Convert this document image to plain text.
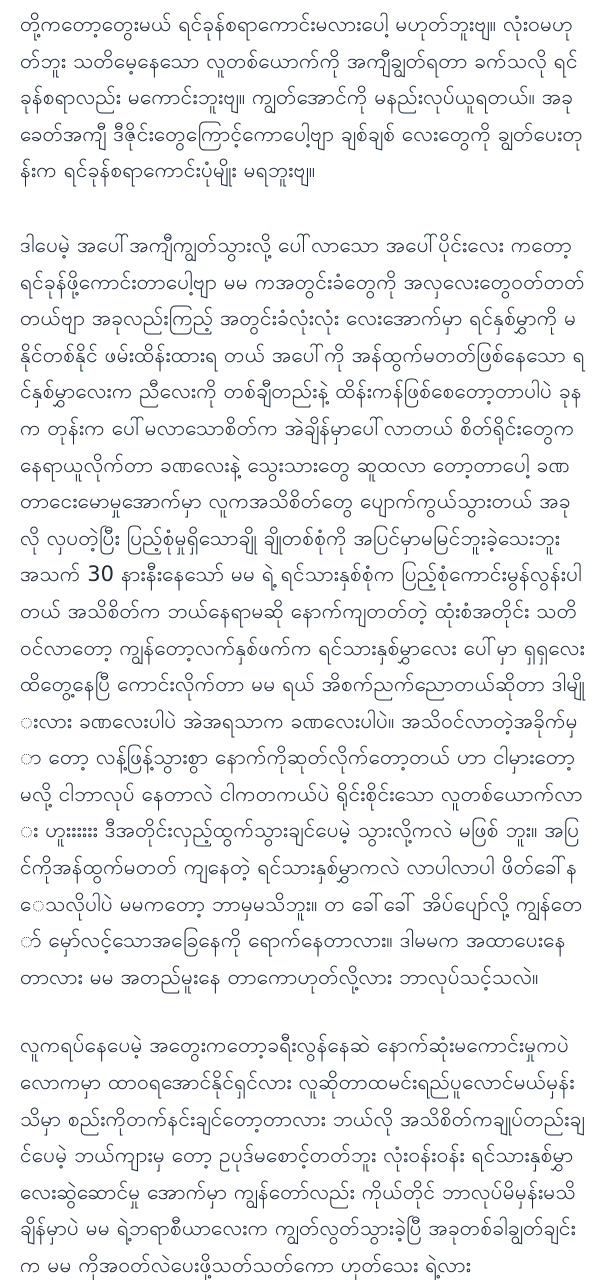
တို့ကတော့တွေးမယ် ရင်ခုန်စရာကောင်းမလားပေါ့ မဟုတ်ဘူးဗျ။ လုံးဝမဟုတ်ဘူး သတိမေ့နေသော လူတစ်ယောက်ကို အကျီချွတ်ရတာ ခက်သလို ရင်ခုန်စရာလည်း မကောင်းဘူးဗျ။ ကျွတ်အောင်ကို မနည်းလုပ်ယူရတယ်။ အခုခေတ်အကျီ ဒီဇိုင်းတွေကြောင့်ကောပေါ့ဗျာ ချစ်ချစ် လေးတွေကို ချွတ်ပေးတုန်းက ရင်ခုန်စရာကောင်းပုံမျိုး မရဘူးဗျ။

ဒါပေမဲ့ အပေါ်အကျီကျွတ်သွားလို့ ပေါ်လာသော အပေါ်ပိုင်းလေး ကတော့ ရင်ခုန်ဖို့ကောင်းတာပေါ့ဗျာ မမ ကအတွင်းခံတွေကို အလှလေးတွေဝတ်တတ်တယ်ဗျာ အခုလည်းကြည့် အတွင်းခံလုံးလုံး လေးအောက်မှာ ရင်နှစ်မွှာကို မနိုင်တစ်နိုင် ဖမ်းထိန်းထားရ တယ် အပေါ်ကို အန်ထွက်မတတ်ဖြစ်နေသော ရင်နှစ်မွှာလေးက ညီလေးကို တစ်ချီတည်းနဲ့ ထိန်းကန်ဖြစ်စေတော့တာပါပဲ ခုနက တုန်းက ပေါ်မလာသောစိတ်က အဲချိန်မှာပေါ်လာတယ် စိတ်ရိုင်းတွေက နေရာယူလိုက်တာ ခဏလေးနဲ့ သွေးသားတွေ ဆူထလာ တော့တာပေါ့ ခဏတာငေးမောမှုအောက်မှာ လူကအသိစိတ်တွေ ပျောက်ကွယ်သွားတယ် အခုလို လှပတဲ့ပြီး ပြည့်စုံမှုရှိသောချို ချိုတစ်စုံကို အပြင်မှာမမြင်ဘူးခဲ့သေးဘူး အသက် 30 နားနီးနေသော် မမ ရဲ့ ရင်သားနှစ်စုံက ပြည့်စုံကောင်းမွန်လွန်းပါတယ် အသိစိတ်က ဘယ်နေရာမဆို နောက်ကျတတ်တဲ့ ထုံးစံအတိုင်း သတိဝင်လာတော့ ကျွန်တော့လက်နှစ်ဖက်က ရင်သားနှစ်မွှာလေး ပေါ်မှာ ရှရှလေးထိတွေ့နေပြီ ကောင်းလိုက်တာ မမ ရယ် အိစက်ညက်ညောတယ်ဆိုတာ ဒါမျိုးလား ခဏလေးပါပဲ အဲအရသာက ခဏလေးပါပဲ။ အသိဝင်လာတဲ့အခိုက်မှာ တော့ လန့်ဖြန့်သွားစွာ နောက်ကိုဆုတ်လိုက်တော့တယ် ဟာ ငါမှားတော့မလို့ ငါဘာလုပ် နေတာလဲ ငါကတကယ်ပဲ ရိုင်းစိုင်းသော လူတစ်ယောက်လား ဟူးးးးးး ဒီအတိုင်းလှည့်ထွက်သွားချင်ပေမဲ့ သွားလို့ကလဲ မဖြစ် ဘူး။ အပြင်ကိုအန်ထွက်မတတ် ကျနေတဲ့ ရင်သားနှစ်မွှာကလဲ လာပါလာပါ ဖိတ်ခေါ်နေသလိုပါပဲ မမကတော့ ဘာမှမသိဘူး။ တ ခေါ်ခေါ် အိပ်ပျော်လို့ ကျွန်တော် မှော်လင့်သောအခြေနေကို ရောက်နေတာလား။ ဒါမမက အထာပေးနေတာလား မမ အတည်မူးနေ တာကောဟုတ်လို့လား ဘာလုပ်သင့်သလဲ။

လူကရပ်နေပေမဲ့ အတွေးကတော့ခရီးလွန်နေဆဲ နောက်ဆုံးမကောင်းမှုကပဲ လောကမှာ ထာဝရအောင်နိုင်ရှင်လား လူဆိုတာထမင်းရည်ပူလောင်မယ်မှန်းသိမှာ စည်းကိုတက်နင်းချင်တော့တာလား ဘယ်လို အသိစိတ်ကချုပ်တည်းချင်ပေမဲ့ ဘယ်ကျားမှ တော့ ဥပုဒ်မစောင့်တတ်ဘူး လုံးဝန်းဝန်း ရင်သားနှစ်မွှာလေးဆွဲဆောင်မှု အောက်မှာ ကျွန်တော်လည်း ကိုယ်တိုင် ဘာလုပ်မိမှန်းမသိ ချိန်မှာပဲ မမ ရဲ့ဘရာစီယာလေးက ကျွတ်လွတ်သွားခဲ့ပြီ အခုတစ်ခါချွတ်ချင်းက မမ ကိုအဝတ်လဲပေးဖို့သတ်သတ်ကော ဟုတ်သေး ရဲ့လား
